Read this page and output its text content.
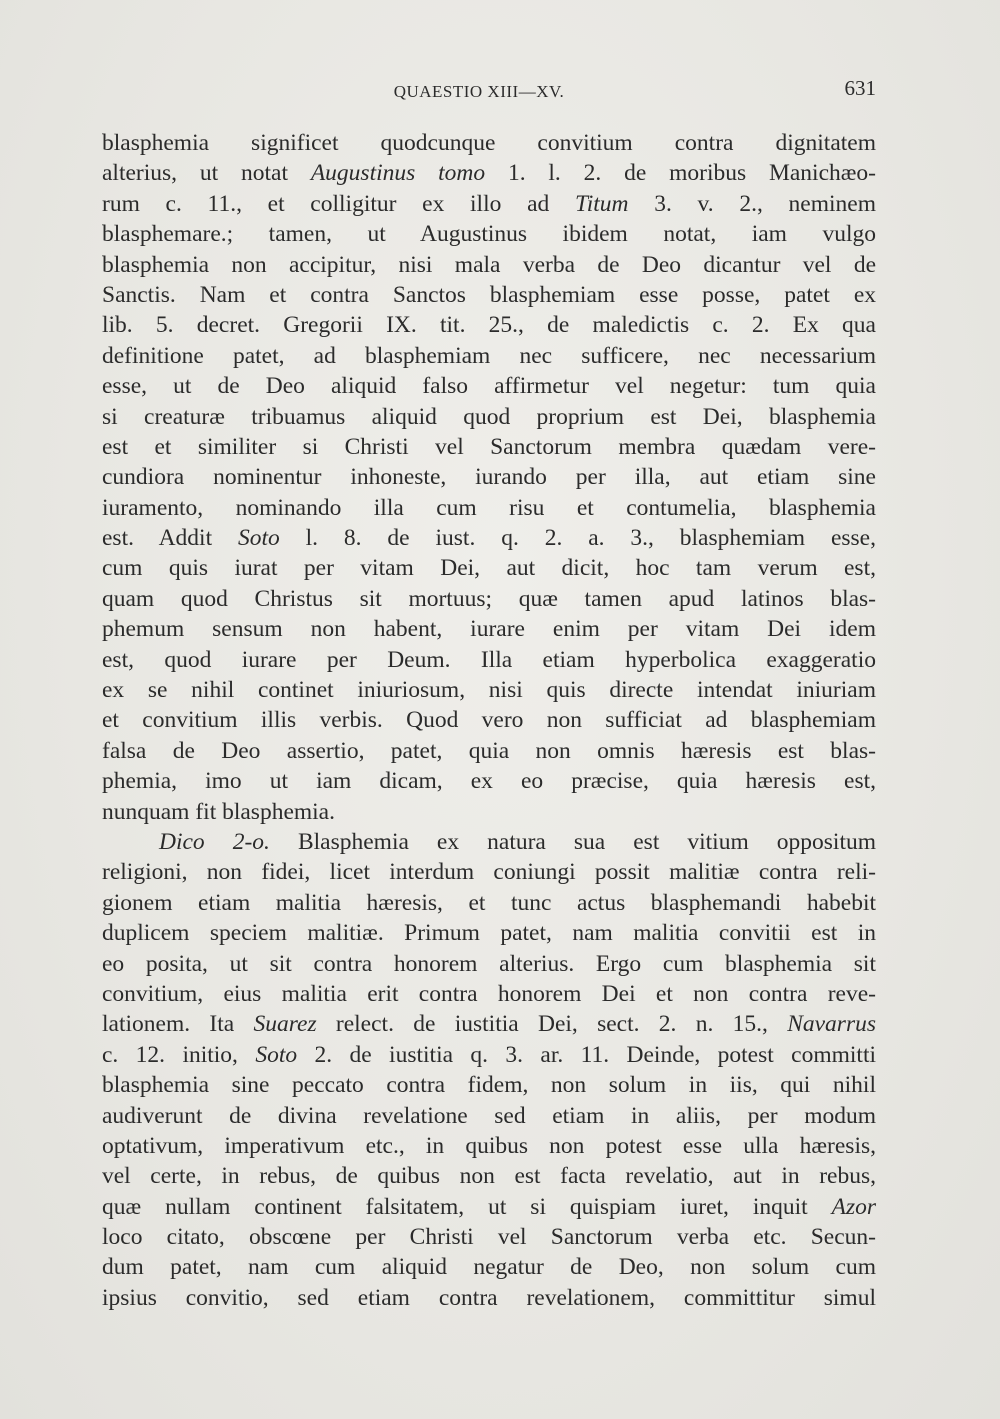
QUAESTIO XIII—XV.	631
blasphemia significet quodcunque convitium contra dignitatem
alterius, ut notat Augustinus tomo 1. l. 2. de moribus Manichæo-
rum c. 11., et colligitur ex illo ad Titum 3. v. 2., neminem
blasphemare.; tamen, ut Augustinus ibidem notat, iam vulgo
blasphemia non accipitur, nisi mala verba de Deo dicantur vel de
Sanctis. Nam et contra Sanctos blasphemiam esse posse, patet ex
lib. 5. decret. Gregorii IX. tit. 25., de maledictis c. 2. Ex qua
definitione patet, ad blasphemiam nec sufficere, nec necessarium
esse, ut de Deo aliquid falso affirmetur vel negetur: tum quia
si creaturæ tribuamus aliquid quod proprium est Dei, blasphemia
est et similiter si Christi vel Sanctorum membra quædam vere-
cundiora nominentur inhoneste, iurando per illa, aut etiam sine
iuramento, nominando illa cum risu et contumelia, blasphemia
est. Addit Soto l. 8. de iust. q. 2. a. 3., blasphemiam esse,
cum quis iurat per vitam Dei, aut dicit, hoc tam verum est,
quam quod Christus sit mortuus; quæ tamen apud latinos blas-
phemum sensum non habent, iurare enim per vitam Dei idem
est, quod iurare per Deum. Illa etiam hyperbolica exaggeratio
ex se nihil continet iniuriosum, nisi quis directe intendat iniuriam
et convitium illis verbis. Quod vero non sufficiat ad blasphemiam
falsa de Deo assertio, patet, quia non omnis hæresis est blas-
phemia, imo ut iam dicam, ex eo præcise, quia hæresis est,
nunquam fit blasphemia.
Dico 2-o. Blasphemia ex natura sua est vitium oppositum
religioni, non fidei, licet interdum coniungi possit malitiæ contra reli-
gionem etiam malitia hæresis, et tunc actus blasphemandi habebit
duplicem speciem malitiæ. Primum patet, nam malitia convitii est in
eo posita, ut sit contra honorem alterius. Ergo cum blasphemia sit
convitium, eius malitia erit contra honorem Dei et non contra reve-
lationem. Ita Suarez relect. de iustitia Dei, sect. 2. n. 15., Navarrus
c. 12. initio, Soto 2. de iustitia q. 3. ar. 11. Deinde, potest committi
blasphemia sine peccato contra fidem, non solum in iis, qui nihil
audiverunt de divina revelatione sed etiam in aliis, per modum
optativum, imperativum etc., in quibus non potest esse ulla hæresis,
vel certe, in rebus, de quibus non est facta revelatio, aut in rebus,
quæ nullam continent falsitatem, ut si quispiam iuret, inquit Azor
loco citato, obscœne per Christi vel Sanctorum verba etc. Secun-
dum patet, nam cum aliquid negatur de Deo, non solum cum
ipsius convitio, sed etiam contra revelationem, committitur simul
